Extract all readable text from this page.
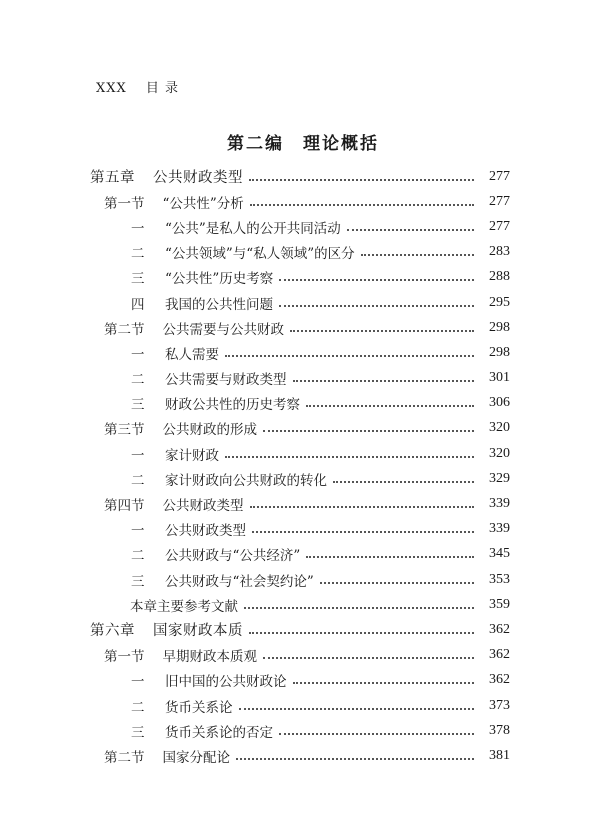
XXX 目 录
第二编　理论概括
第五章 公共财政类型	277
第一节 “公共性”分析	277
一 “公共”是私人的公开共同活动	277
二 “公共领域”与“私人领域”的区分	283
三 “公共性”历史考察	288
四 我国的公共性问题	295
第二节 公共需要与公共财政	298
一 私人需要	298
二 公共需要与财政类型	301
三 财政公共性的历史考察	306
第三节 公共财政的形成	320
一 家计财政	320
二 家计财政向公共财政的转化	329
第四节 公共财政类型	339
一 公共财政类型	339
二 公共财政与“公共经济”	345
三 公共财政与“社会契约论”	353
本章主要参考文献	359
第六章 国家财政本质	362
第一节 早期财政本质观	362
一 旧中国的公共财政论	362
二 货币关系论	373
三 货币关系论的否定	378
第二节 国家分配论	381
